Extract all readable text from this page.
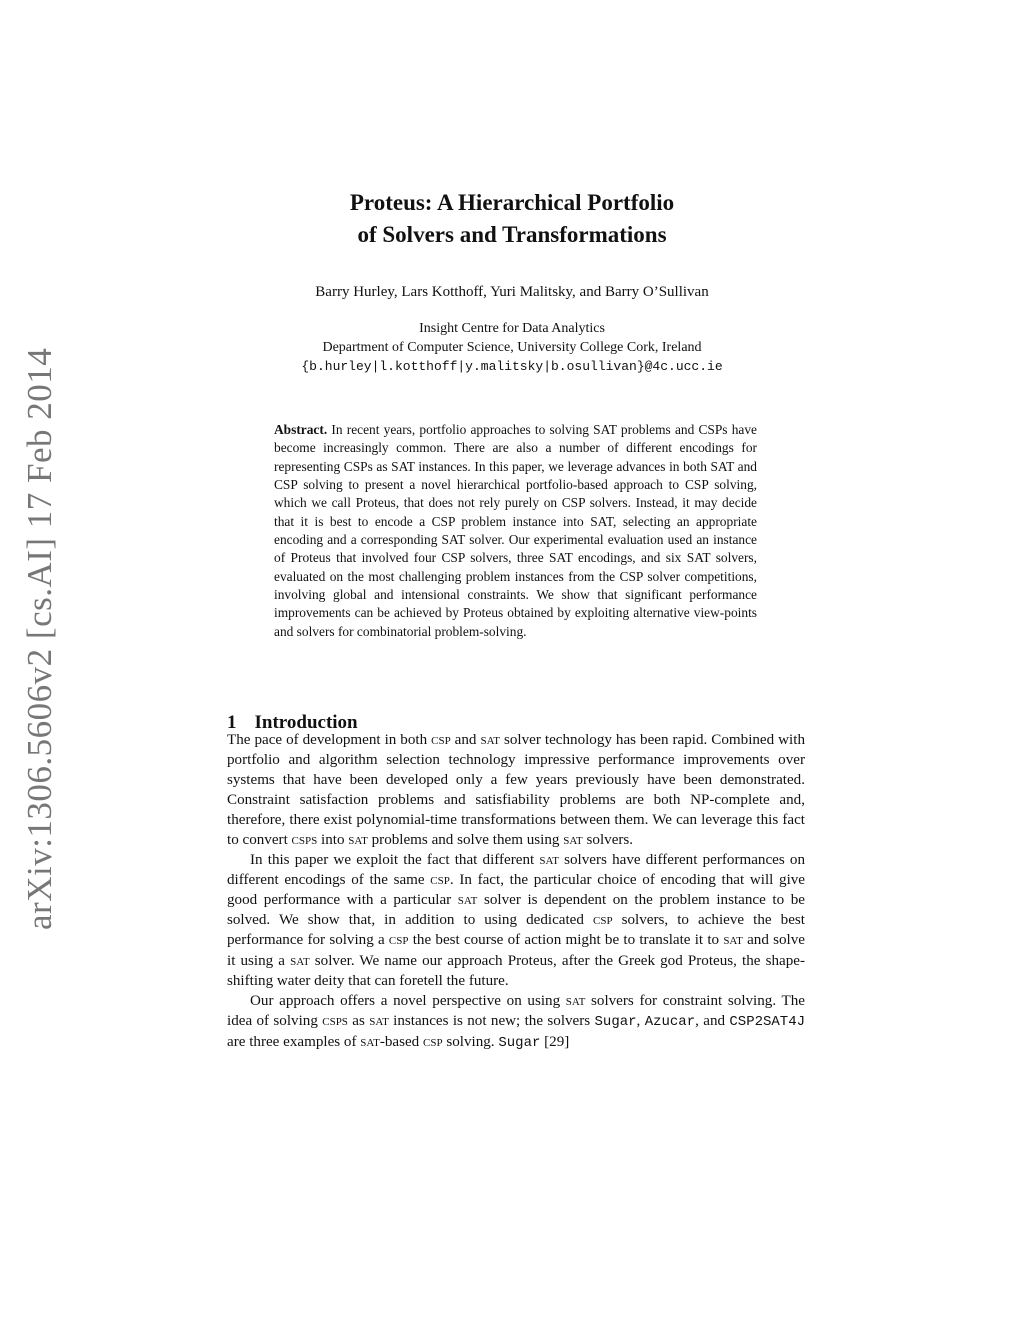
arXiv:1306.5606v2 [cs.AI] 17 Feb 2014
Proteus: A Hierarchical Portfolio
of Solvers and Transformations
Barry Hurley, Lars Kotthoff, Yuri Malitsky, and Barry O’Sullivan
Insight Centre for Data Analytics
Department of Computer Science, University College Cork, Ireland
{b.hurley|l.kotthoff|y.malitsky|b.osullivan}@4c.ucc.ie
Abstract. In recent years, portfolio approaches to solving SAT problems and CSPs have become increasingly common. There are also a number of different encodings for representing CSPs as SAT instances. In this paper, we leverage advances in both SAT and CSP solving to present a novel hierarchical portfolio-based approach to CSP solving, which we call Proteus, that does not rely purely on CSP solvers. Instead, it may decide that it is best to encode a CSP problem instance into SAT, selecting an appropriate encoding and a corresponding SAT solver. Our experimental evaluation used an instance of Proteus that involved four CSP solvers, three SAT encodings, and six SAT solvers, evaluated on the most challenging problem instances from the CSP solver competitions, involving global and intensional constraints. We show that significant performance improvements can be achieved by Proteus obtained by exploiting alternative view-points and solvers for combinatorial problem-solving.
1 Introduction

The pace of development in both csp and sat solver technology has been rapid. Combined with portfolio and algorithm selection technology impressive performance improvements over systems that have been developed only a few years previously have been demonstrated. Constraint satisfaction problems and satisfiability problems are both NP-complete and, therefore, there exist polynomial-time transformations between them. We can leverage this fact to convert csps into sat problems and solve them using sat solvers.

In this paper we exploit the fact that different sat solvers have different performances on different encodings of the same csp. In fact, the particular choice of encoding that will give good performance with a particular sat solver is dependent on the problem instance to be solved. We show that, in addition to using dedicated csp solvers, to achieve the best performance for solving a csp the best course of action might be to translate it to sat and solve it using a sat solver. We name our approach Proteus, after the Greek god Proteus, the shape-shifting water deity that can foretell the future.

Our approach offers a novel perspective on using sat solvers for constraint solving. The idea of solving csps as sat instances is not new; the solvers Sugar, Azucar, and CSP2SAT4J are three examples of sat-based csp solving. Sugar [29]
